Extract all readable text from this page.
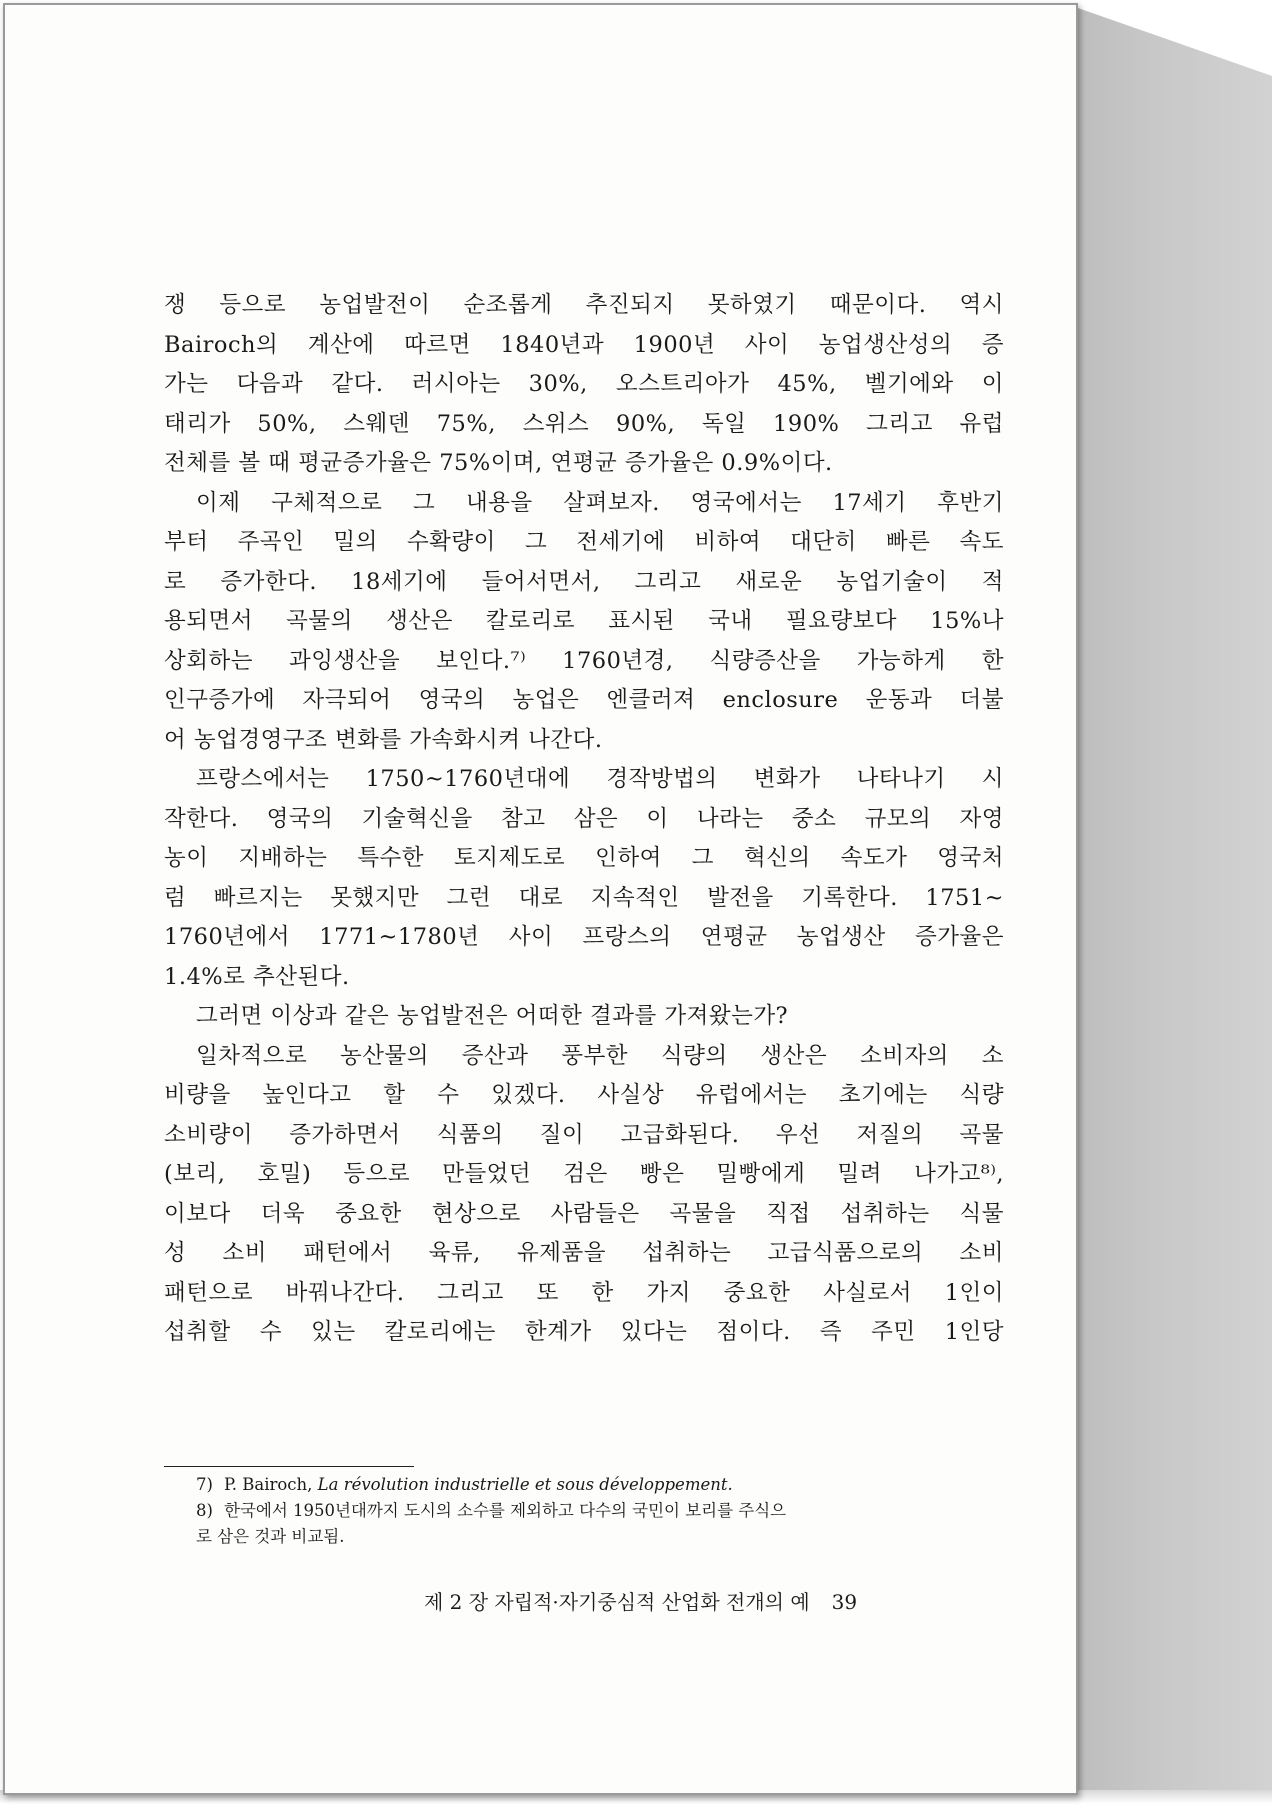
쟁 등으로 농업발전이 순조롭게 추진되지 못하였기 때문이다. 역시
Bairoch의 계산에 따르면 1840년과 1900년 사이 농업생산성의 증
가는 다음과 같다. 러시아는 30%, 오스트리아가 45%, 벨기에와 이
태리가 50%, 스웨덴 75%, 스위스 90%, 독일 190% 그리고 유럽
전체를 볼 때 평균증가율은 75%이며, 연평균 증가율은 0.9%이다.
이제 구체적으로 그 내용을 살펴보자. 영국에서는 17세기 후반기
부터 주곡인 밀의 수확량이 그 전세기에 비하여 대단히 빠른 속도
로 증가한다. 18세기에 들어서면서, 그리고 새로운 농업기술이 적
용되면서 곡물의 생산은 칼로리로 표시된 국내 필요량보다 15%나
상회하는 과잉생산을 보인다.⁷⁾ 1760년경, 식량증산을 가능하게 한
인구증가에 자극되어 영국의 농업은 엔클러져 enclosure 운동과 더불
어 농업경영구조 변화를 가속화시켜 나간다.
프랑스에서는 1750~1760년대에 경작방법의 변화가 나타나기 시
작한다. 영국의 기술혁신을 참고 삼은 이 나라는 중소 규모의 자영
농이 지배하는 특수한 토지제도로 인하여 그 혁신의 속도가 영국처
럼 빠르지는 못했지만 그런 대로 지속적인 발전을 기록한다. 1751~
1760년에서 1771~1780년 사이 프랑스의 연평균 농업생산 증가율은
1.4%로 추산된다.
그러면 이상과 같은 농업발전은 어떠한 결과를 가져왔는가?
일차적으로 농산물의 증산과 풍부한 식량의 생산은 소비자의 소
비량을 높인다고 할 수 있겠다. 사실상 유럽에서는 초기에는 식량
소비량이 증가하면서 식품의 질이 고급화된다. 우선 저질의 곡물
(보리, 호밀) 등으로 만들었던 검은 빵은 밀빵에게 밀려 나가고⁸⁾,
이보다 더욱 중요한 현상으로 사람들은 곡물을 직접 섭취하는 식물
성 소비 패턴에서 육류, 유제품을 섭취하는 고급식품으로의 소비
패턴으로 바꿔나간다. 그리고 또 한 가지 중요한 사실로서 1인이
섭취할 수 있는 칼로리에는 한계가 있다는 점이다. 즉 주민 1인당
7) P. Bairoch, La révolution industrielle et sous développement.
8) 한국에서 1950년대까지 도시의 소수를 제외하고 다수의 국민이 보리를 주식으
로 삼은 것과 비교됨.
제 2 장 자립적·자기중심적 산업화 전개의 예 39
